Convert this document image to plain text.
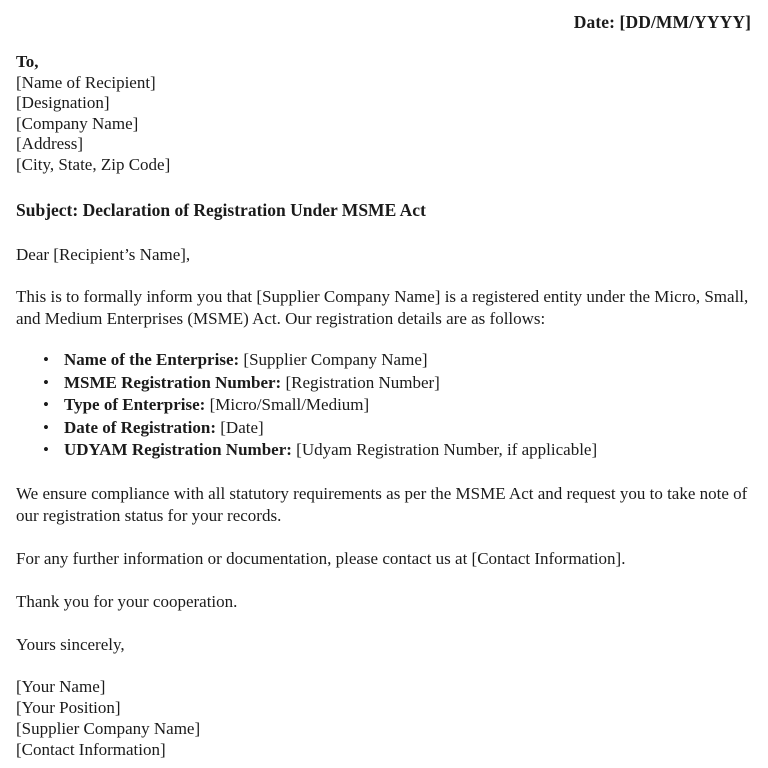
Date: [DD/MM/YYYY]
To,
[Name of Recipient]
[Designation]
[Company Name]
[Address]
[City, State, Zip Code]
Subject: Declaration of Registration Under MSME Act
Dear [Recipient’s Name],
This is to formally inform you that [Supplier Company Name] is a registered entity under the Micro, Small, and Medium Enterprises (MSME) Act. Our registration details are as follows:
• Name of the Enterprise: [Supplier Company Name]
• MSME Registration Number: [Registration Number]
• Type of Enterprise: [Micro/Small/Medium]
• Date of Registration: [Date]
• UDYAM Registration Number: [Udyam Registration Number, if applicable]
We ensure compliance with all statutory requirements as per the MSME Act and request you to take note of our registration status for your records.
For any further information or documentation, please contact us at [Contact Information].
Thank you for your cooperation.
Yours sincerely,
[Your Name]
[Your Position]
[Supplier Company Name]
[Contact Information]
